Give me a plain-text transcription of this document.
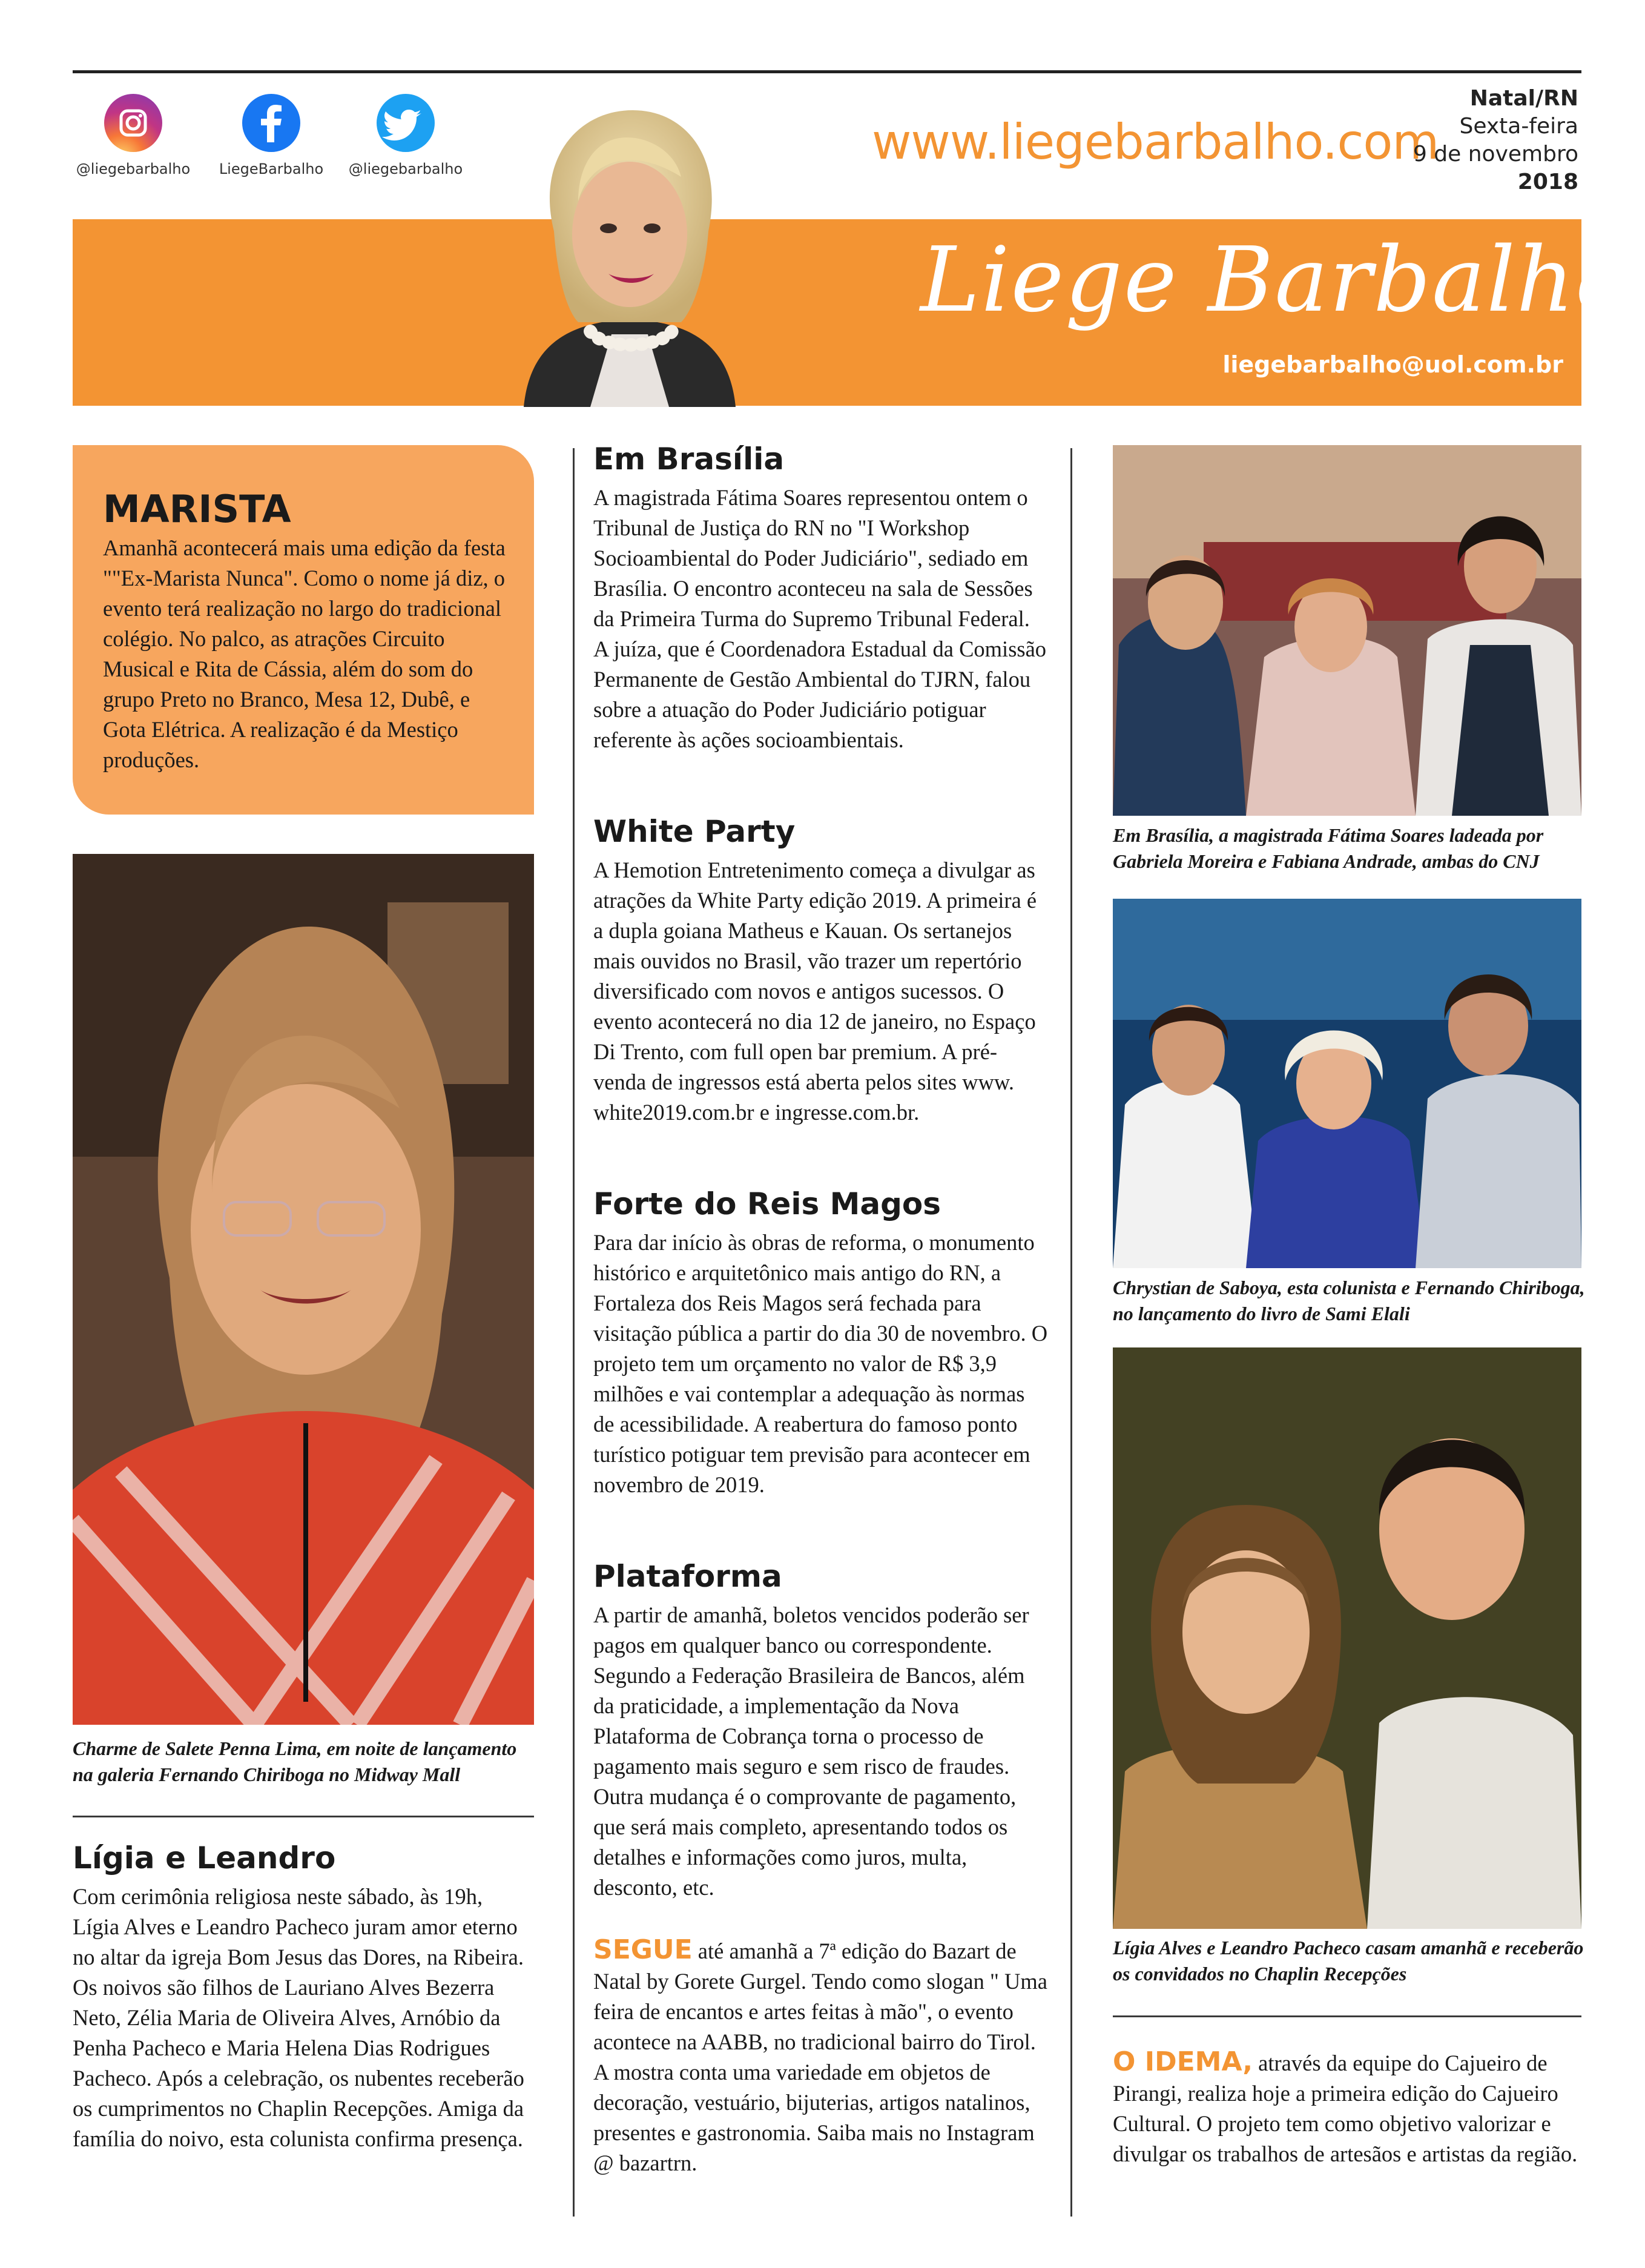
@liegebarbalho	LiegeBarbalho	@liegebarbalho	www.liegebarbalho.com
Natal/RN
Sexta-feira
9 de novembro
2018
Liege Barbalho
liegebarbalho@uol.com.br
MARISTA

Amanhã acontecerá mais uma edição da festa ""Ex-Marista Nunca". Como o nome já diz, o evento terá realização no largo do tradicional colégio. No palco, as atrações Circuito Musical e Rita de Cássia, além do som do grupo Preto no Branco, Mesa 12, Dubê, e Gota Elétrica. A realização é da Mestiço produções.

Charme de Salete Penna Lima, em noite de lançamento na galeria Fernando Chiriboga no Midway Mall
Lígia e Leandro

Com cerimônia religiosa neste sábado, às 19h, Lígia Alves e Leandro Pacheco juram amor eterno no altar da igreja Bom Jesus das Dores, na Ribeira. Os noivos são filhos de Lauriano Alves Bezerra Neto, Zélia Maria de Oliveira Alves, Arnóbio da Penha Pacheco e Maria Helena Dias Rodrigues Pacheco. Após a celebração, os nubentes receberão os cumprimentos no Chaplin Recepções. Amiga da família do noivo, esta colunista confirma presença.

Em Brasília

A magistrada Fátima Soares representou ontem o Tribunal de Justiça do RN no "I Workshop Socioambiental do Poder Judiciário", sediado em Brasília. O encontro aconteceu na sala de Sessões da Primeira Turma do Supremo Tribunal Federal. A juíza, que é Coordenadora Estadual da Comissão Permanente de Gestão Ambiental do TJRN, falou sobre a atuação do Poder Judiciário potiguar referente às ações socioambientais.

White Party

A Hemotion Entretenimento começa a divulgar as atrações da White Party edição 2019. A primeira é a dupla goiana Matheus e Kauan. Os sertanejos mais ouvidos no Brasil, vão trazer um repertório diversificado com novos e antigos sucessos. O evento acontecerá no dia 12 de janeiro, no Espaço Di Trento, com full open bar premium. A pré-venda de ingressos está aberta pelos sites www. white2019.com.br e ingresse.com.br.

Forte do Reis Magos

Para dar início às obras de reforma, o monumento histórico e arquitetônico mais antigo do RN, a Fortaleza dos Reis Magos será fechada para visitação pública a partir do dia 30 de novembro. O projeto tem um orçamento no valor de R$ 3,9 milhões e vai contemplar a adequação às normas de acessibilidade. A reabertura do famoso ponto turístico potiguar tem previsão para acontecer em novembro de 2019.

Plataforma

A partir de amanhã, boletos vencidos poderão ser pagos em qualquer banco ou correspondente. Segundo a Federação Brasileira de Bancos, além da praticidade, a implementação da Nova Plataforma de Cobrança torna o processo de pagamento mais seguro e sem risco de fraudes. Outra mudança é o comprovante de pagamento, que será mais completo, apresentando todos os detalhes e informações como juros, multa, desconto, etc.

SEGUE até amanhã a 7ª edição do Bazart de Natal by Gorete Gurgel. Tendo como slogan " Uma feira de encantos e artes feitas à mão", o evento acontece na AABB, no tradicional bairro do Tirol. A mostra conta uma variedade em objetos de decoração, vestuário, bijuterias, artigos natalinos, presentes e gastronomia. Saiba mais no Instagram @ bazartrn.

Em Brasília, a magistrada Fátima Soares ladeada por Gabriela Moreira e Fabiana Andrade, ambas do CNJ
Chrystian de Saboya, esta colunista e Fernando Chiriboga, no lançamento do livro de Sami Elali
Lígia Alves e Leandro Pacheco casam amanhã e receberão os convidados no Chaplin Recepções

O IDEMA, através da equipe do Cajueiro de Pirangi, realiza hoje a primeira edição do Cajueiro Cultural. O projeto tem como objetivo valorizar e divulgar os trabalhos de artesãos e artistas da região.
